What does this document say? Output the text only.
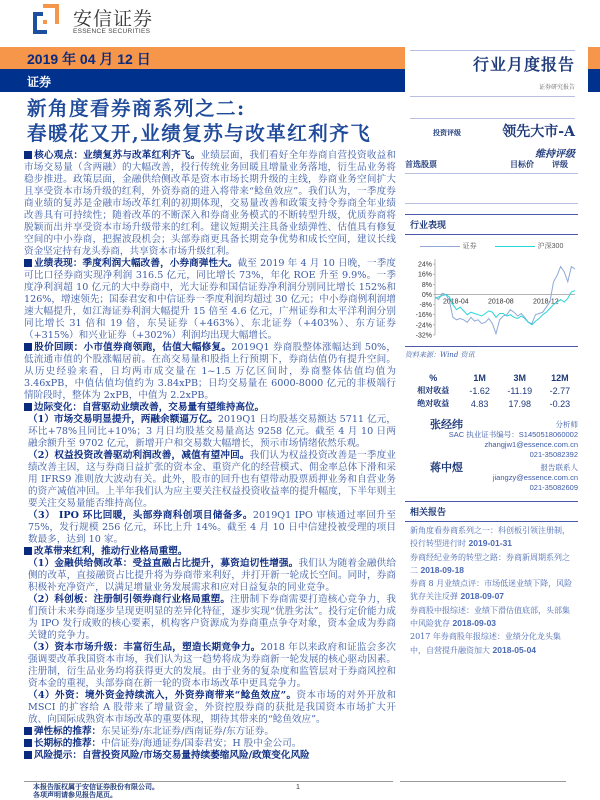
安信证券
ESSENCE SECURITIES
2019 年 04 月 12 日
证券
行业月度报告
证券研究报告
新角度看券商系列之二:
春暖花又开,业绩复苏与改革红利齐飞	投资评级	领先大市-A
维持评级

核心观点：业绩复苏与改革红利齐飞。业绩层面，我们看好全年券商自营投资收益和市场交易量（含两融）的大幅改善，投行传统业务回暖且增量业务落地，衍生品业务将稳步推进。政策层面，金融供给侧改革是资本市场长期升级的主线，券商业务空间扩大且享受资本市场升级的红利，外资券商的进入将带来“鲶鱼效应”。我们认为，一季度券商业绩的复苏是金融市场改革红利的初期体现，交易量改善和政策支持令券商全年业绩改善具有可持续性；随着改革的不断深入和券商业务模式的不断转型升级，优质券商将脱颖而出并享受资本市场升级带来的红利。建议短期关注具备业绩弹性、估值具有修复空间的中小券商，把握波段机会；头部券商更具备长期竞争优势和成长空间，建议长线资金坚定持有龙头券商，共享资本市场升级红利。

业绩表现：季度利润大幅改善，小券商弹性大。截至 2019 年 4 月 10 日晚，一季度可比口径券商实现净利润 316.5 亿元，同比增长 73%，年化 ROE 升至 9.9%。一季度净利润超 10 亿元的大中券商中，光大证券和国信证券净利润分别同比增长 152%和 126%，增速领先；国泰君安和中信证券一季度利润均超过 30 亿元；中小券商例利润增速大幅提升，如江海证券利润大幅提升 15 倍至 4.6 亿元，广州证券和太平洋利润分别同比增长 31 倍和 19 倍，东吴证券（+463%）、东北证券（+403%）、东方证券（+315%）和兴业证券（+302%）利润均出现大幅增长。

股价回顾：小市值券商领跑，估值大幅修复。2019Q1 券商股整体涨幅达到 50%，低流通市值的个股涨幅居前。在高交易量和股指上行预期下，券商估值仍有提升空间。从历史经验来看，日均两市成交量在 1~1.5 万亿区间时，券商整体估值均值为 3.46xPB，中值估值均值约为 3.84xPB；日均交易量在 6000-8000 亿元的非极端行情阶段时，整体为 2xPB，中值为 2.2xPB。

边际变化：自营驱动业绩改善，交易量有望维持高位。

（1）市场交易明显提升，两融余额逼万亿。2019Q1 日均股基交易额达 5711 亿元，环比+78%且同比+10%；3 月日均股基交易量高达 9258 亿元。截至 4 月 10 日两融余额升至 9702 亿元，新增开户和交易数大幅增长，预示市场情绪依然乐观。

（2）权益投资改善驱动利润改善，减值有望冲回。我们认为权益投资改善是一季度业绩改善主因，这与券商日益扩张的资本金、重资产化的经营模式、佣金率总体下滑和采用 IFRS9 准则放大波动有关。此外，股市的回升也有望带动股票质押业务和自营业务的资产减值冲回。上半年我们认为应主要关注权益投资收益率的提升幅度，下半年则主要关注交易量能否维持高位。

（3） IPO 环比回暖，头部券商科创项目储备多。2019Q1 IPO 审核通过率回升至 75%，发行规模 256 亿元，环比上升 14%。截至 4 月 10 日中信建投被受理的项目数最多，达到 10 家。

改革带来红利，推动行业格局重塑。

（1）金融供给侧改革：受益直融占比提升，募资迫切性增强。我们认为随着金融供给侧的改革，直接融资占比提升将为券商带来利好，并打开新一轮成长空间。同时，券商积极补充净资产，以满足增量业务发展需求和应对日益复杂的同业竞争。

（2）科创板：注册制引领券商行业格局重塑。注册制下券商需要打造核心竞争力，我们预计未来券商逐步呈现更明显的差异化特征，逐步实现“优胜劣汰”。投行定价能力成为 IPO 发行成败的核心要素，机构客户资源成为券商重点争夺对象，资本金成为券商关键的竞争力。

（3）资本市场升级：丰富衍生品，塑造长期竞争力。2018 年以来政府和证监会多次强调要改革我国资本市场，我们认为这一趋势将成为券商新一轮发展的核心驱动因素。注册制，衍生品业务均将获得更大的发展。由于业务的复杂度和监管层对于券商风控和资本金的重视，头部券商在新一轮的资本市场改革中更具竞争力。

（4）外资：境外资金持续流入，外资券商带来“鲶鱼效应”。资本市场的对外开放和 MSCI 的扩容给 A 股带来了增量资金，外资控股券商的获批是我国资本市场扩大开放、向国际成熟资本市场改革的重要体现，期待其带来的“鲶鱼效应”。

弹性标的推荐：东吴证券/东北证券/西南证券/东方证券。

长期标的推荐：中信证券/海通证券/国泰君安；H 股中金公司。

风险提示：自营投资风险/市场交易量持续萎缩风险/政策变化风险

首选股票	目标价 评级
行业表现
证券	沪深300
24%
16%
8%
0%
-8%
-16%
-24%
-32%
2018-04	2018-08	2018-12
资料来源：Wind 资讯
%	1M	3M	12M
相对收益	-1.62	-11.19	-2.77
绝对收益	4.83	17.98	-0.23
张经纬	分析师
SAC 执业证书编号：S1450518060002
zhangjw1@essence.com.cn
021-35082392
蒋中煜	报告联系人
jiangzy@essence.com.cn
021-35082609
相关报告
新角度看券商系列之一：科创板引领注册制，投行转型进行时 2019-01-31
券商经纪业务的转型之路：券商新周期系列之二 2018-09-18
券商 8 月业绩点评：市场低迷业绩下降，风险犹存关注反弹 2018-09-07
券商股中报综述：业绩下滑估值底部，头部集中风险犹存 2018-09-03
2017 年券商股年报综述：业绩分化龙头集中，自营提升融资加大 2018-05-04
本报告版权属于安信证券股份有限公司。
各项声明请参见报告尾页。
1
